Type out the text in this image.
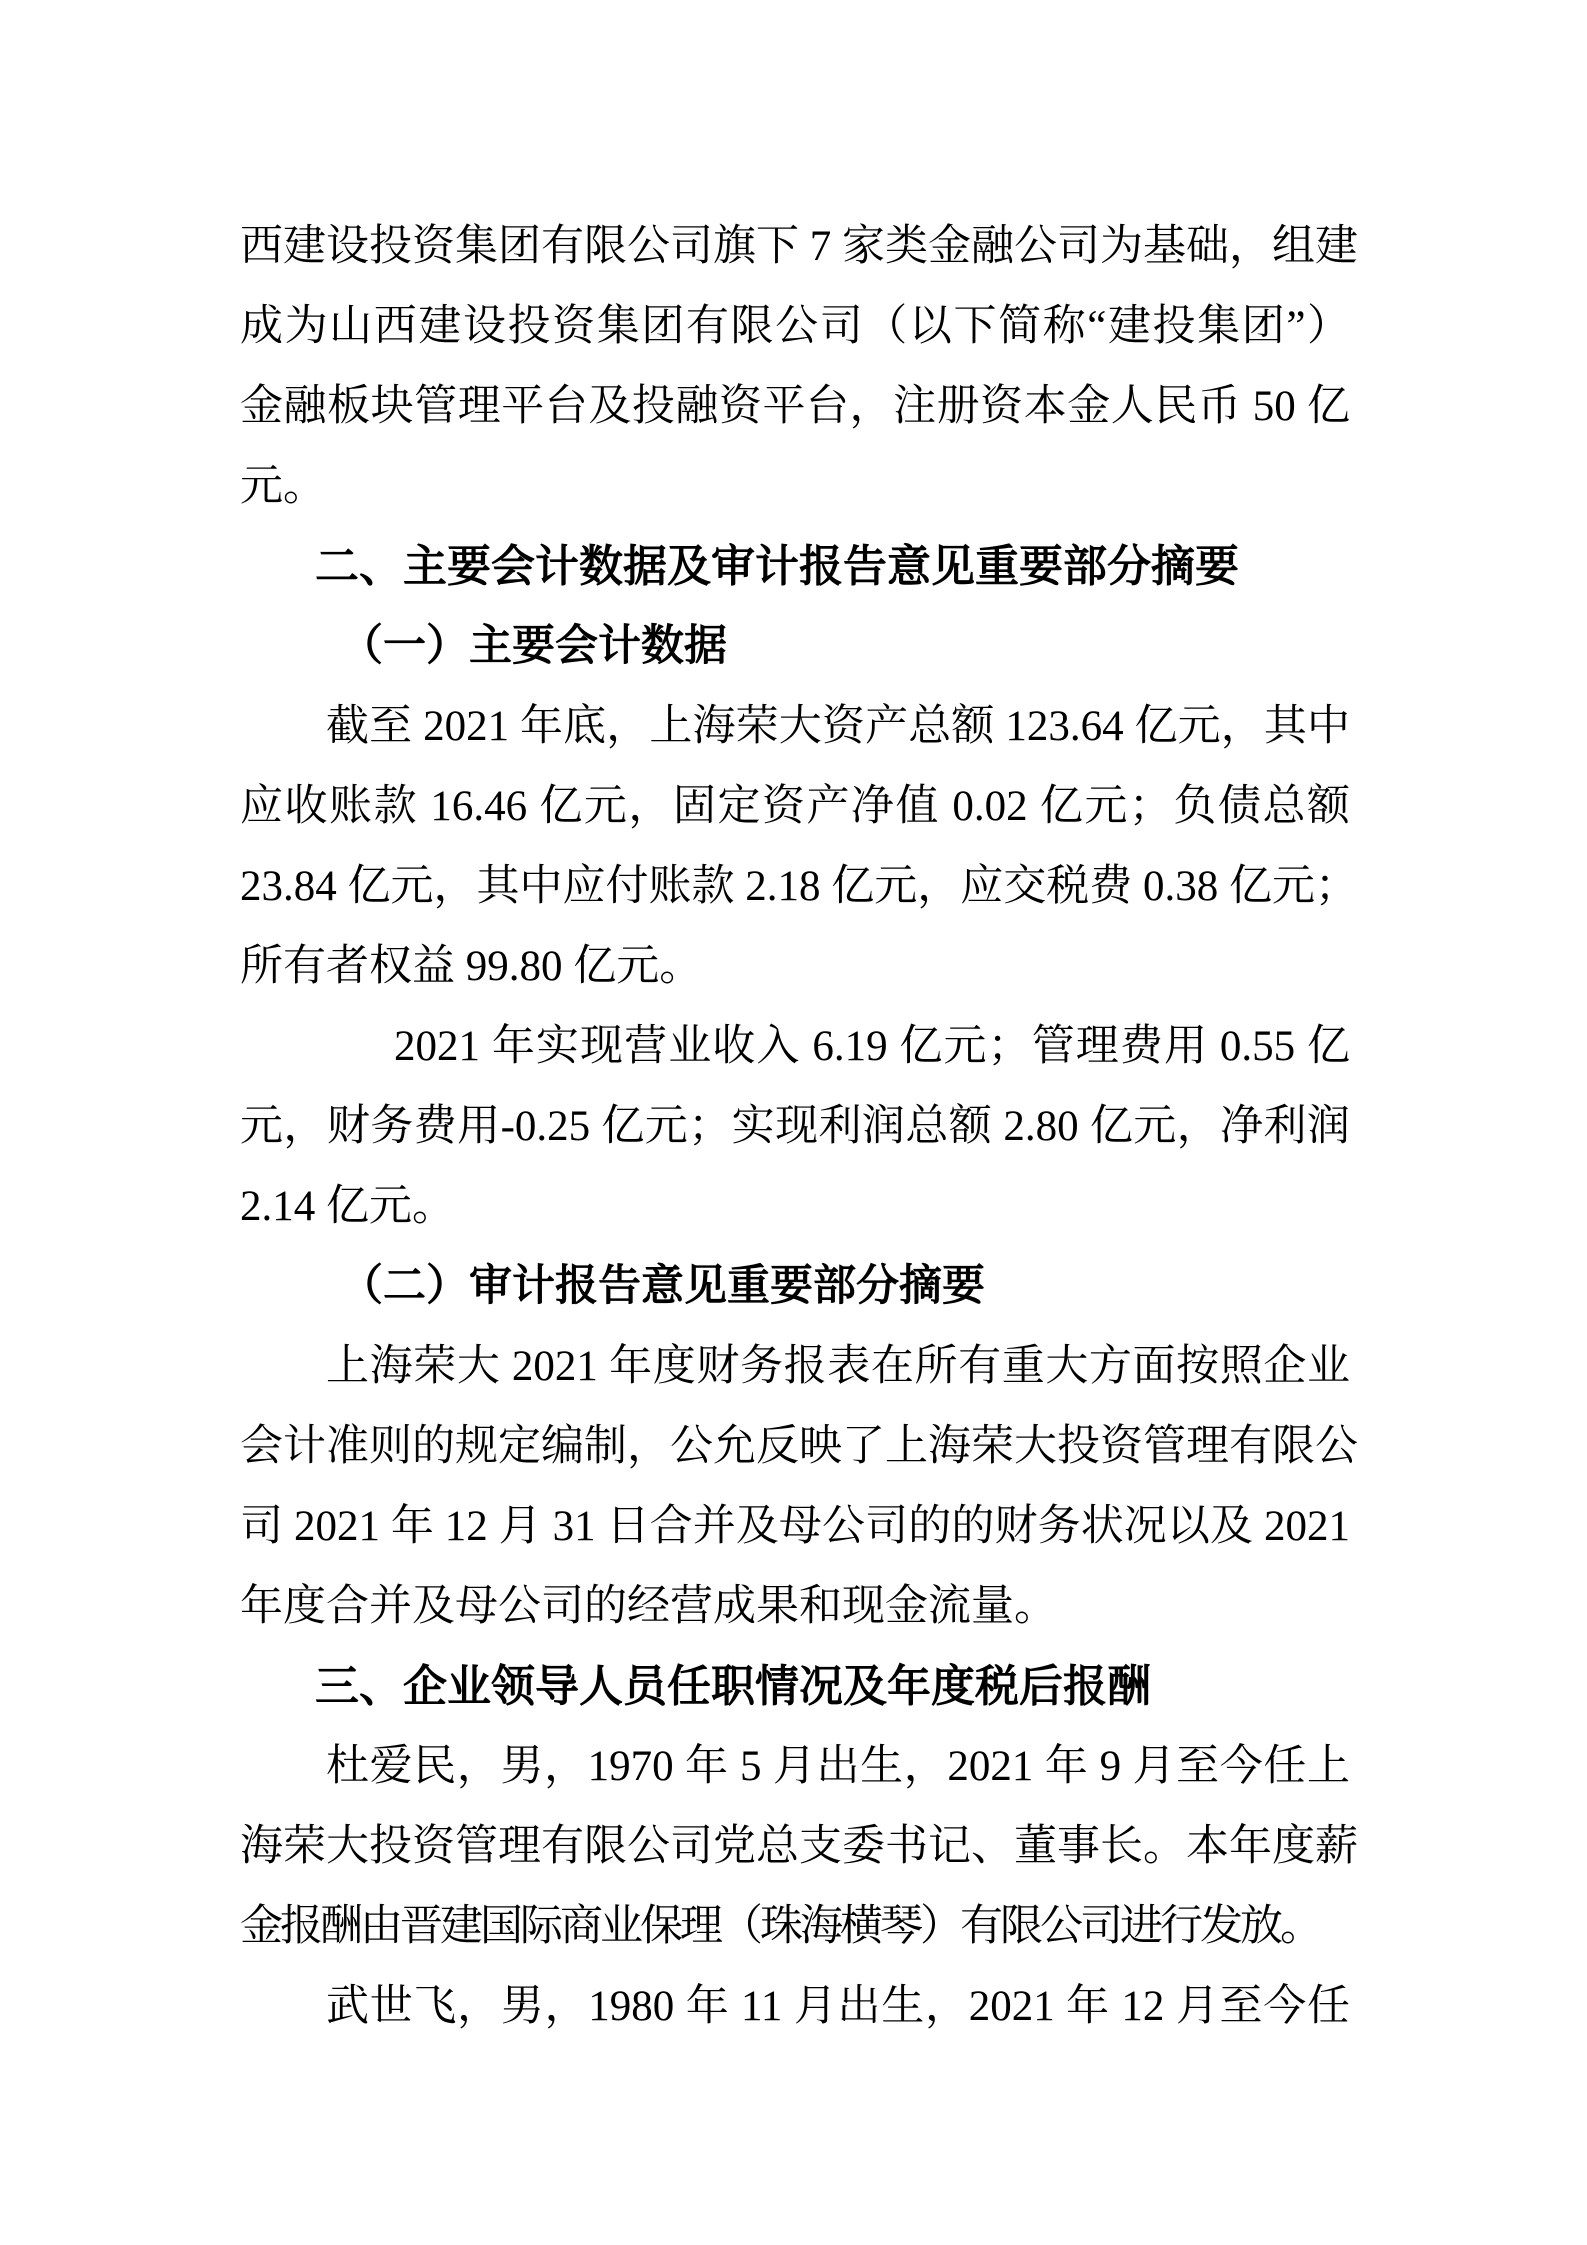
西建设投资集团有限公司旗下 7 家类金融公司为基础，组建
成为山西建设投资集团有限公司（以下简称“建投集团”）
金融板块管理平台及投融资平台，注册资本金人民币 50 亿
元。
二、主要会计数据及审计报告意见重要部分摘要
（一）主要会计数据
截至 2021 年底，上海荣大资产总额 123.64 亿元，其中
应收账款 16.46 亿元，固定资产净值 0.02 亿元；负债总额
23.84 亿元，其中应付账款 2.18 亿元，应交税费 0.38 亿元；
所有者权益 99.80 亿元。
2021 年实现营业收入 6.19 亿元；管理费用 0.55 亿
元，财务费用-0.25 亿元；实现利润总额 2.80 亿元，净利润
2.14 亿元。
（二）审计报告意见重要部分摘要
上海荣大 2021 年度财务报表在所有重大方面按照企业
会计准则的规定编制，公允反映了上海荣大投资管理有限公
司 2021 年 12 月 31 日合并及母公司的的财务状况以及 2021
年度合并及母公司的经营成果和现金流量。
三、企业领导人员任职情况及年度税后报酬
杜爱民，男，1970 年 5 月出生，2021 年 9 月至今任上
海荣大投资管理有限公司党总支委书记、董事长。本年度薪
金报酬由晋建国际商业保理（珠海横琴）有限公司进行发放。
武世飞，男，1980 年 11 月出生，2021 年 12 月至今任
